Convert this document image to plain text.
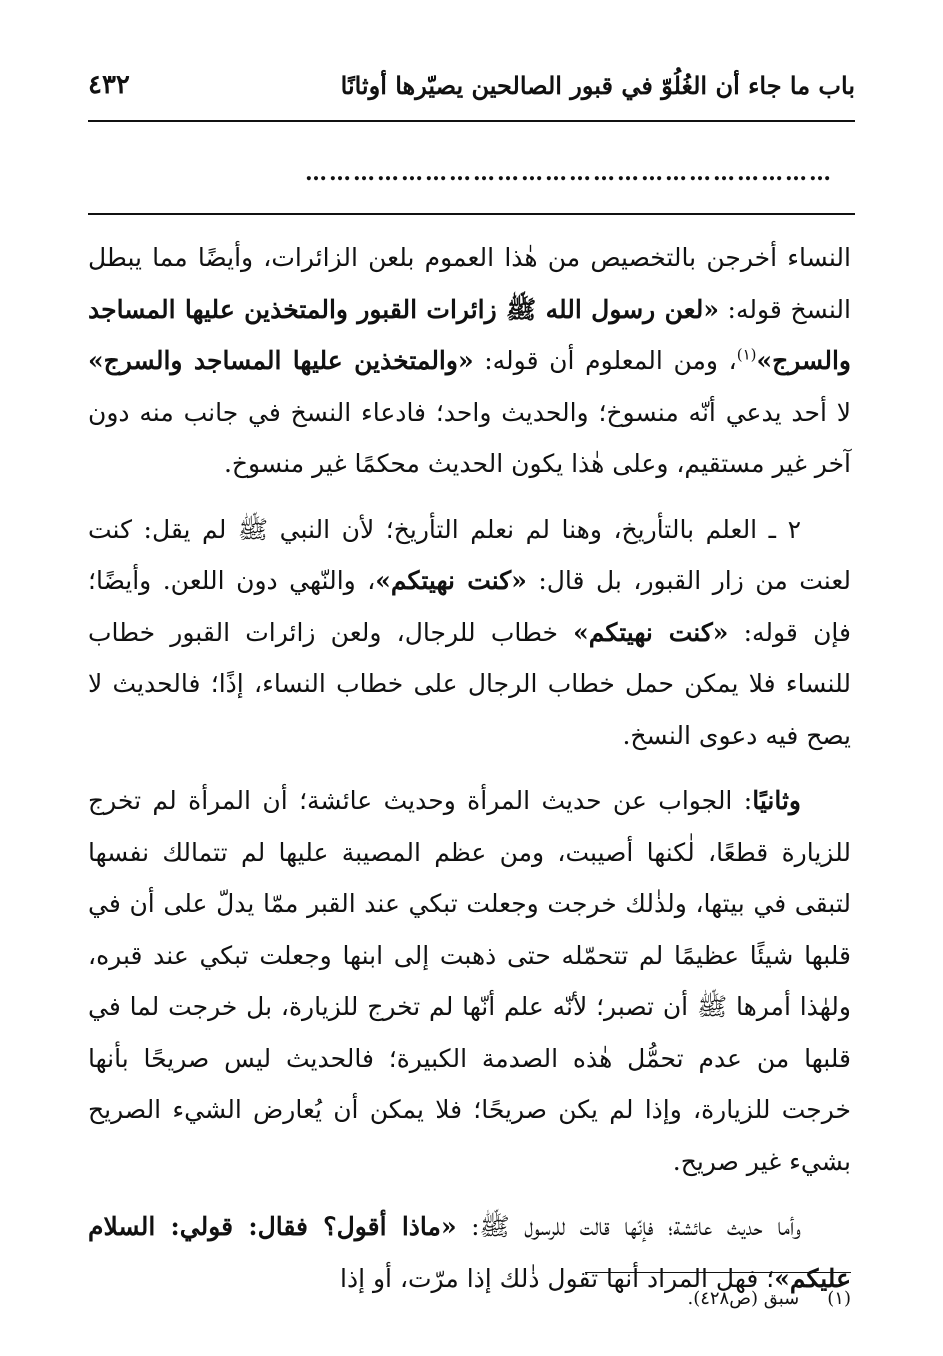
٤٣٢	باب ما جاء أن الغُلُوّ في قبور الصالحين يصيّرها أوثانًا
…………………………………………………………

النساء أخرجن بالتخصيص من هٰذا العموم بلعن الزائرات، وأيضًا مما يبطل النسخ قوله: «لعن رسول الله ﷺ زائرات القبور والمتخذين عليها المساجد والسرج»$^{(١)}$، ومن المعلوم أن قوله: «والمتخذين عليها المساجد والسرج» لا أحد يدعي أنّه منسوخ؛ والحديث واحد؛ فادعاء النسخ في جانب منه دون آخر غير مستقيم، وعلى هٰذا يكون الحديث محكمًا غير منسوخ.

٢ ـ العلم بالتأريخ، وهنا لم نعلم التأريخ؛ لأن النبي ﷺ لم يقل: كنت لعنت من زار القبور، بل قال: «كنت نهيتكم»، والنّهي دون اللعن. وأيضًا؛ فإن قوله: «كنت نهيتكم» خطاب للرجال، ولعن زائرات القبور خطاب للنساء فلا يمكن حمل خطاب الرجال على خطاب النساء، إذًا؛ فالحديث لا يصح فيه دعوى النسخ.

وثانيًا: الجواب عن حديث المرأة وحديث عائشة؛ أن المرأة لم تخرج للزيارة قطعًا، لٰكنها أصيبت، ومن عظم المصيبة عليها لم تتمالك نفسها لتبقى في بيتها، ولذٰلك خرجت وجعلت تبكي عند القبر ممّا يدلّ على أن في قلبها شيئًا عظيمًا لم تتحمّله حتى ذهبت إلى ابنها وجعلت تبكي عند قبره، ولهٰذا أمرها ﷺ أن تصبر؛ لأنّه علم أنّها لم تخرج للزيارة، بل خرجت لما في قلبها من عدم تحمُّل هٰذه الصدمة الكبيرة؛ فالحديث ليس صريحًا بأنها خرجت للزيارة، وإذا لم يكن صريحًا؛ فلا يمكن أن يُعارض الشيء الصريح بشيء غير صريح.

وأما حديث عائشة؛ فإنّها قالت للرسول ﷺ: «ماذا أقول؟ فقال: قولي: السلام عليكم»؛ فهل المراد أنها تقول ذٰلك إذا مرّت، أو إذا

(١)سبق (ص٤٢٨).
